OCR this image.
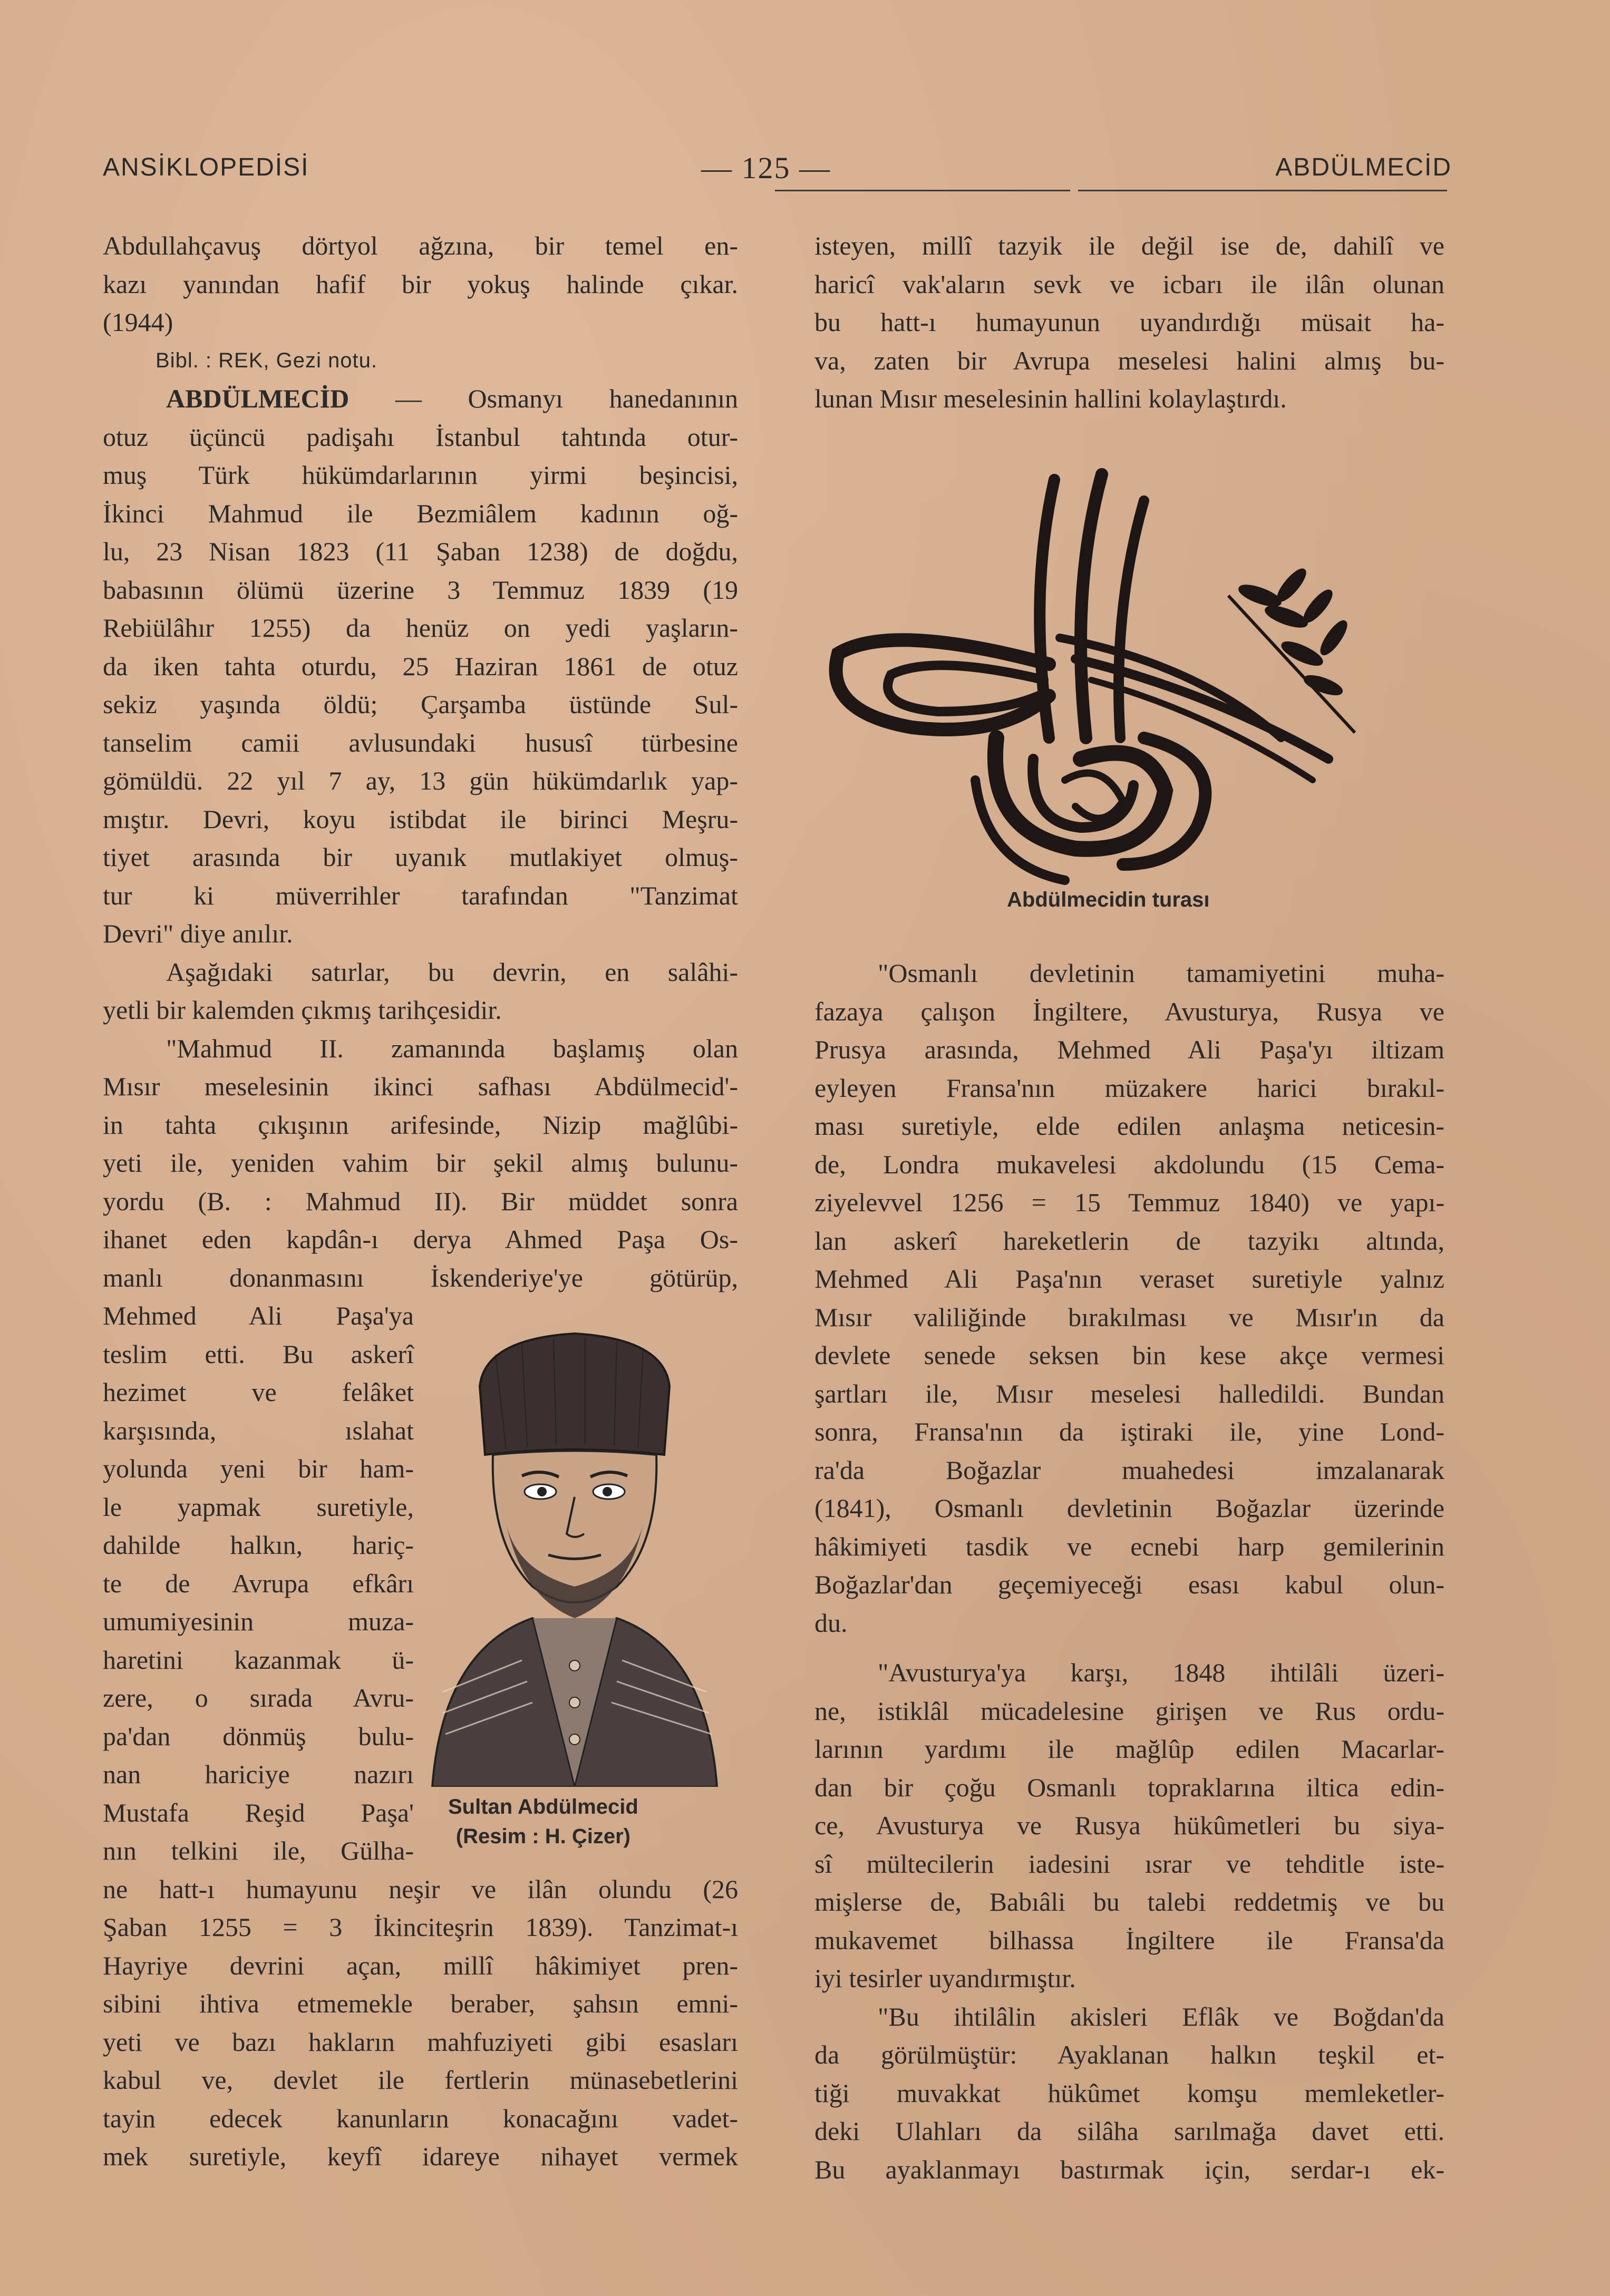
ANSİKLOPEDİSİ	— 125 —	ABDÜLMECİD
Abdullahçavuş dörtyol ağzına, bir temel en-
kazı yanından hafif bir yokuş halinde çıkar.
(1944)
Bibl. : REK, Gezi notu.
ABDÜLMECİD — Osmanyı hanedanının
otuz üçüncü padişahı İstanbul tahtında otur-
muş Türk hükümdarlarının yirmi beşincisi,
İkinci Mahmud ile Bezmiâlem kadının oğ-
lu, 23 Nisan 1823 (11 Şaban 1238) de doğdu,
babasının ölümü üzerine 3 Temmuz 1839 (19
Rebiülâhır 1255) da henüz on yedi yaşların-
da iken tahta oturdu, 25 Haziran 1861 de otuz
sekiz yaşında öldü; Çarşamba üstünde Sul-
tanselim camii avlusundaki hususî türbesine
gömüldü. 22 yıl 7 ay, 13 gün hükümdarlık yap-
mıştır. Devri, koyu istibdat ile birinci Meşru-
tiyet arasında bir uyanık mutlakiyet olmuş-
tur ki müverrihler tarafından "Tanzimat
Devri" diye anılır.
Aşağıdaki satırlar, bu devrin, en salâhi-
yetli bir kalemden çıkmış tarihçesidir.
"Mahmud II. zamanında başlamış olan
Mısır meselesinin ikinci safhası Abdülmecid'-
in tahta çıkışının arifesinde, Nizip mağlûbi-
yeti ile, yeniden vahim bir şekil almış bulunu-
yordu (B. : Mahmud II). Bir müddet sonra
ihanet eden kapdân-ı derya Ahmed Paşa Os-
manlı donanmasını İskenderiye'ye götürüp,
Mehmed Ali Paşa'ya
teslim etti. Bu askerî
hezimet ve felâket
karşısında, ıslahat
yolunda yeni bir ham-
le yapmak suretiyle,
dahilde halkın, hariç-
te de Avrupa efkârı
umumiyesinin muza-
haretini kazanmak ü-
zere, o sırada Avru-
pa'dan dönmüş bulu-
nan hariciye nazırı
Mustafa Reşid Paşa'
nın telkini ile, Gülha-
ne hatt-ı humayunu neşir ve ilân olundu (26
Şaban 1255 = 3 İkinciteşrin 1839). Tanzimat-ı
Hayriye devrini açan, millî hâkimiyet pren-
sibini ihtiva etmemekle beraber, şahsın emni-
yeti ve bazı hakların mahfuziyeti gibi esasları
kabul ve, devlet ile fertlerin münasebetlerini
tayin edecek kanunların konacağını vadet-
mek suretiyle, keyfî idareye nihayet vermek
Sultan Abdülmecid
(Resim : H. Çizer)
isteyen, millî tazyik ile değil ise de, dahilî ve
haricî vak'aların sevk ve icbarı ile ilân olunan
bu hatt-ı humayunun uyandırdığı müsait ha-
va, zaten bir Avrupa meselesi halini almış bu-
lunan Mısır meselesinin hallini kolaylaştırdı.
Abdülmecidin turası
"Osmanlı devletinin tamamiyetini muha-
fazaya çalışon İngiltere, Avusturya, Rusya ve
Prusya arasında, Mehmed Ali Paşa'yı iltizam
eyleyen Fransa'nın müzakere harici bırakıl-
ması suretiyle, elde edilen anlaşma neticesin-
de, Londra mukavelesi akdolundu (15 Cema-
ziyelevvel 1256 = 15 Temmuz 1840) ve yapı-
lan askerî hareketlerin de tazyikı altında,
Mehmed Ali Paşa'nın veraset suretiyle yalnız
Mısır valiliğinde bırakılması ve Mısır'ın da
devlete senede seksen bin kese akçe vermesi
şartları ile, Mısır meselesi halledildi. Bundan
sonra, Fransa'nın da iştiraki ile, yine Lond-
ra'da Boğazlar muahedesi imzalanarak
(1841), Osmanlı devletinin Boğazlar üzerinde
hâkimiyeti tasdik ve ecnebi harp gemilerinin
Boğazlar'dan geçemiyeceği esası kabul olun-
du.
"Avusturya'ya karşı, 1848 ihtilâli üzeri-
ne, istiklâl mücadelesine girişen ve Rus ordu-
larının yardımı ile mağlûp edilen Macarlar-
dan bir çoğu Osmanlı topraklarına iltica edin-
ce, Avusturya ve Rusya hükûmetleri bu siya-
sî mültecilerin iadesini ısrar ve tehditle iste-
mişlerse de, Babıâli bu talebi reddetmiş ve bu
mukavemet bilhassa İngiltere ile Fransa'da
iyi tesirler uyandırmıştır.
"Bu ihtilâlin akisleri Eflâk ve Boğdan'da
da görülmüştür: Ayaklanan halkın teşkil et-
tiği muvakkat hükûmet komşu memleketler-
deki Ulahları da silâha sarılmağa davet etti.
Bu ayaklanmayı bastırmak için, serdar-ı ek-
